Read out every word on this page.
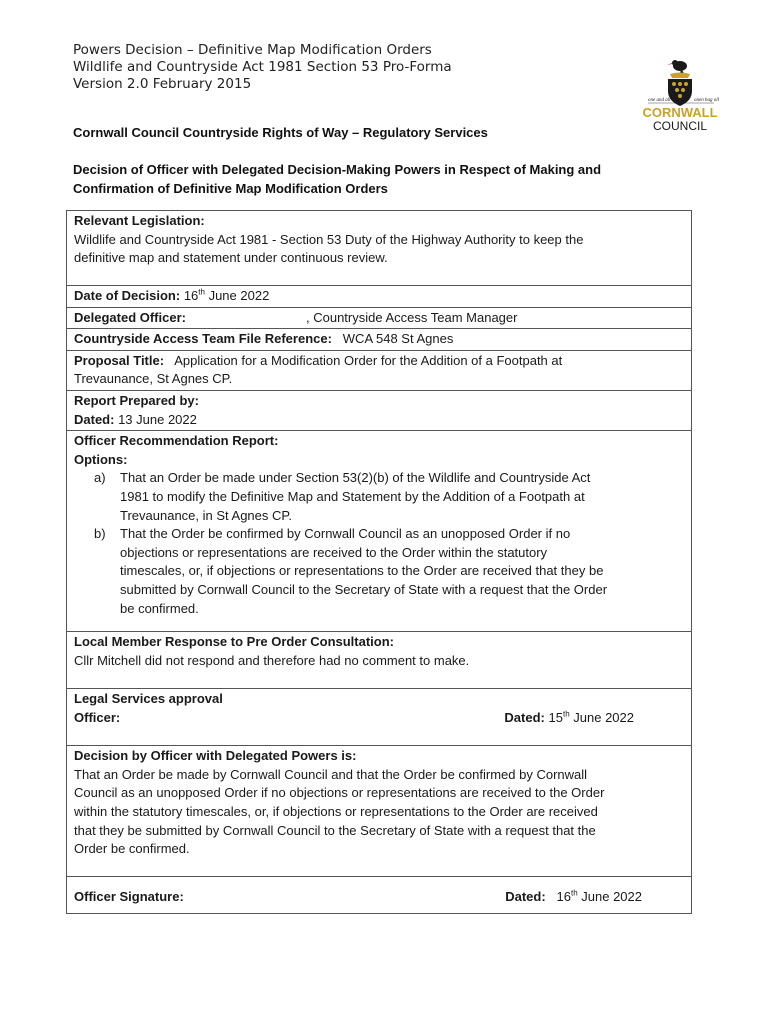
Powers Decision – Definitive Map Modification Orders
Wildlife and Countryside Act 1981 Section 53 Pro-Forma
Version 2.0 February 2015
one and all	onen hag oll
CORNWALL
COUNCIL
Cornwall Council Countryside Rights of Way – Regulatory Services
Decision of Officer with Delegated Decision-Making Powers in Respect of Making and
Confirmation of Definitive Map Modification Orders
Relevant Legislation:
Wildlife and Countryside Act 1981 - Section 53 Duty of the Highway Authority to keep the
definitive map and statement under continuous review.
Date of Decision: 16th June 2022
Delegated Officer:	, Countryside Access Team Manager
Countryside Access Team File Reference: WCA 548 St Agnes
Proposal Title: Application for a Modification Order for the Addition of a Footpath at
Trevaunance, St Agnes CP.
Report Prepared by:
Dated: 13 June 2022
Officer Recommendation Report:
Options:
a)	That an Order be made under Section 53(2)(b) of the Wildlife and Countryside Act
1981 to modify the Definitive Map and Statement by the Addition of a Footpath at
Trevaunance, in St Agnes CP.
b)	That the Order be confirmed by Cornwall Council as an unopposed Order if no
objections or representations are received to the Order within the statutory
timescales, or, if objections or representations to the Order are received that they be
submitted by Cornwall Council to the Secretary of State with a request that the Order
be confirmed.
Local Member Response to Pre Order Consultation:
Cllr Mitchell did not respond and therefore had no comment to make.
Legal Services approval
Officer:	Dated: 15th June 2022
Decision by Officer with Delegated Powers is:
That an Order be made by Cornwall Council and that the Order be confirmed by Cornwall
Council as an unopposed Order if no objections or representations are received to the Order
within the statutory timescales, or, if objections or representations to the Order are received
that they be submitted by Cornwall Council to the Secretary of State with a request that the
Order be confirmed.
Officer Signature:	Dated: 16th June 2022
